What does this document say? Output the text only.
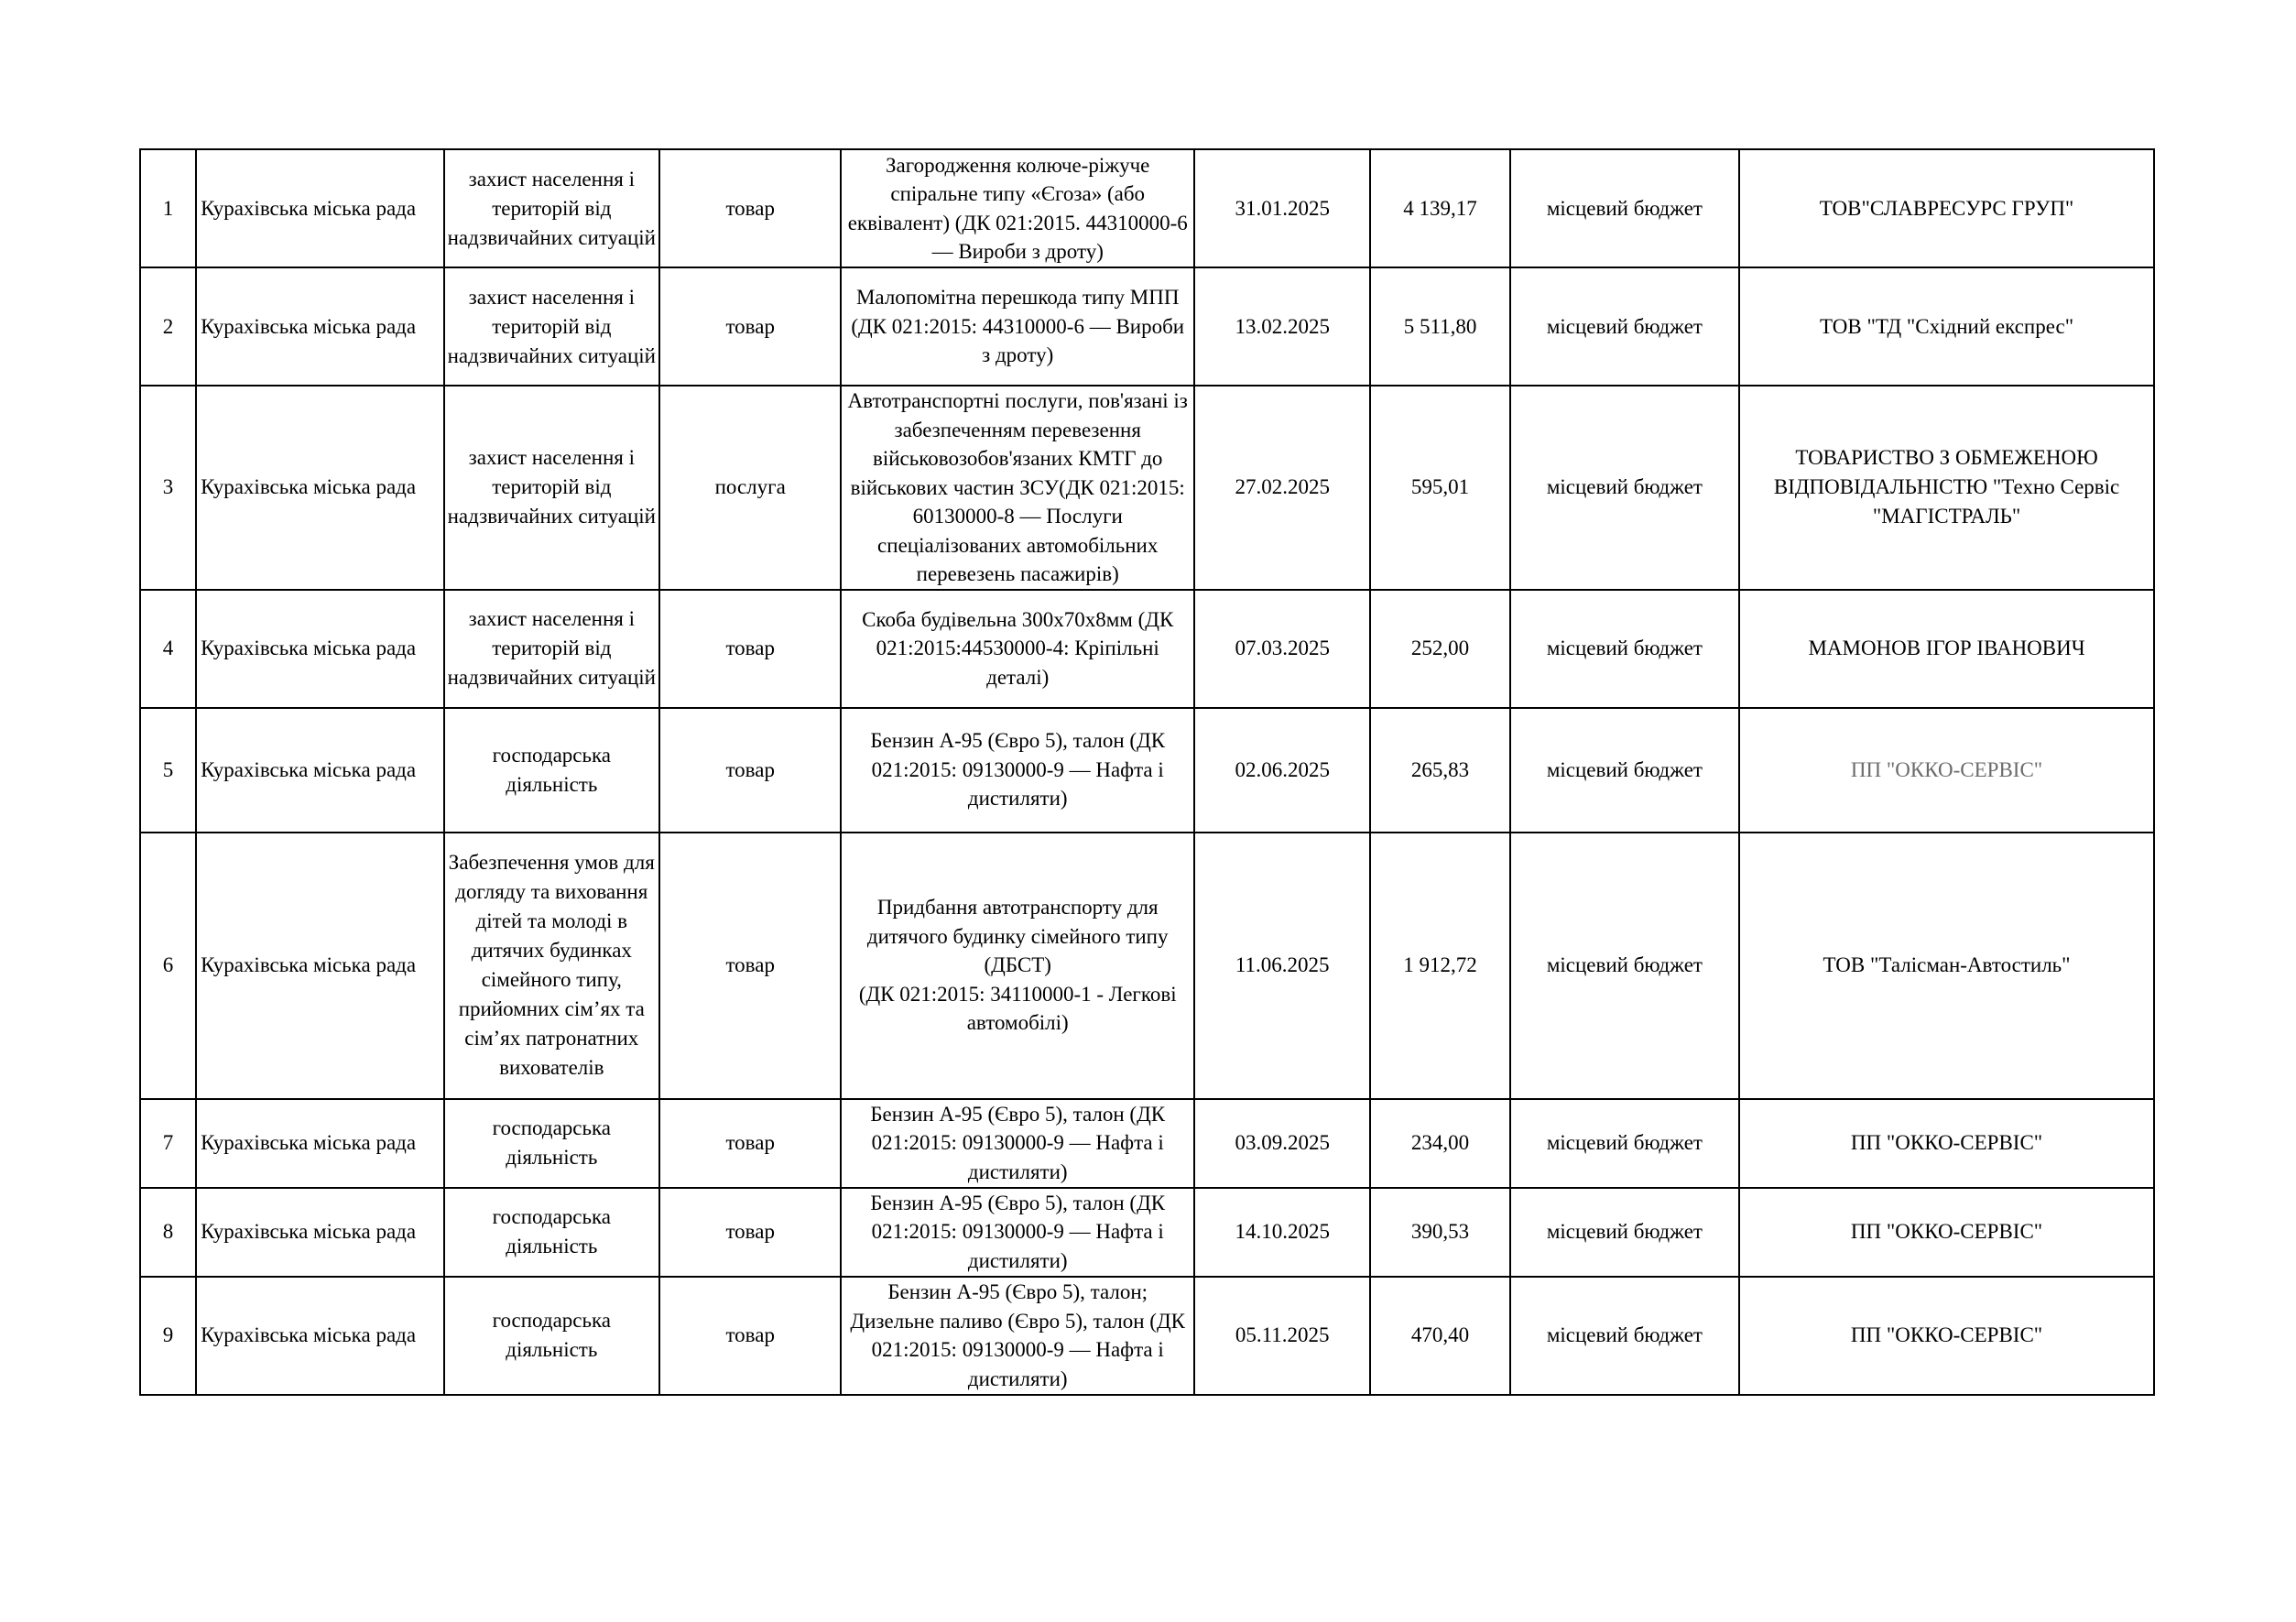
1	Курахівська міська рада	захист населення і територій від надзвичайних ситуацій	товар	Загородження колюче-ріжуче спіральне типу «Єгоза» (або еквівалент) (ДК 021:2015. 44310000-6 — Вироби з дроту)	31.01.2025	4 139,17	місцевий бюджет	ТОВ"СЛАВРЕСУРС ГРУП"
2	Курахівська міська рада	захист населення і територій від надзвичайних ситуацій	товар	Малопомітна перешкода типу МПП (ДК 021:2015: 44310000-6 — Вироби з дроту)	13.02.2025	5 511,80	місцевий бюджет	ТОВ "ТД "Східний експрес"
3	Курахівська міська рада	захист населення і територій від надзвичайних ситуацій	послуга	Автотранспортні послуги, пов'язані із забезпеченням перевезення військовозобов'язаних КМТГ до військових частин ЗСУ(ДК 021:2015: 60130000-8 — Послуги спеціалізованих автомобільних перевезень пасажирів)	27.02.2025	595,01	місцевий бюджет	ТОВАРИСТВО З ОБМЕЖЕНОЮ ВІДПОВІДАЛЬНІСТЮ "Техно Сервіс "МАГІСТРАЛЬ"
4	Курахівська міська рада	захист населення і територій від надзвичайних ситуацій	товар	Скоба будівельна 300х70х8мм (ДК 021:2015:44530000-4: Кріпільні деталі)	07.03.2025	252,00	місцевий бюджет	МАМОНОВ ІГОР ІВАНОВИЧ
5	Курахівська міська рада	господарська діяльність	товар	Бензин А-95 (Євро 5), талон (ДК 021:2015: 09130000-9 — Нафта і дистиляти)	02.06.2025	265,83	місцевий бюджет	ПП "ОККО-СЕРВІС"
6	Курахівська міська рада	Забезпечення умов для догляду та виховання дітей та молоді в дитячих будинках сімейного типу, прийомних сім’ях та сім’ях патронатних вихователів	товар	Придбання автотранспорту для дитячого будинку сімейного типу (ДБСТ)
(ДК 021:2015: 34110000-1 - Легкові автомобілі)	11.06.2025	1 912,72	місцевий бюджет	ТОВ "Талісман-Автостиль"
7	Курахівська міська рада	господарська діяльність	товар	Бензин А-95 (Євро 5), талон (ДК 021:2015: 09130000-9 — Нафта і дистиляти)	03.09.2025	234,00	місцевий бюджет	ПП "ОККО-СЕРВІС"
8	Курахівська міська рада	господарська діяльність	товар	Бензин А-95 (Євро 5), талон (ДК 021:2015: 09130000-9 — Нафта і дистиляти)	14.10.2025	390,53	місцевий бюджет	ПП "ОККО-СЕРВІС"
9	Курахівська міська рада	господарська діяльність	товар	Бензин А-95 (Євро 5), талон; Дизельне паливо (Євро 5), талон (ДК 021:2015: 09130000-9 — Нафта і дистиляти)	05.11.2025	470,40	місцевий бюджет	ПП "ОККО-СЕРВІС"
